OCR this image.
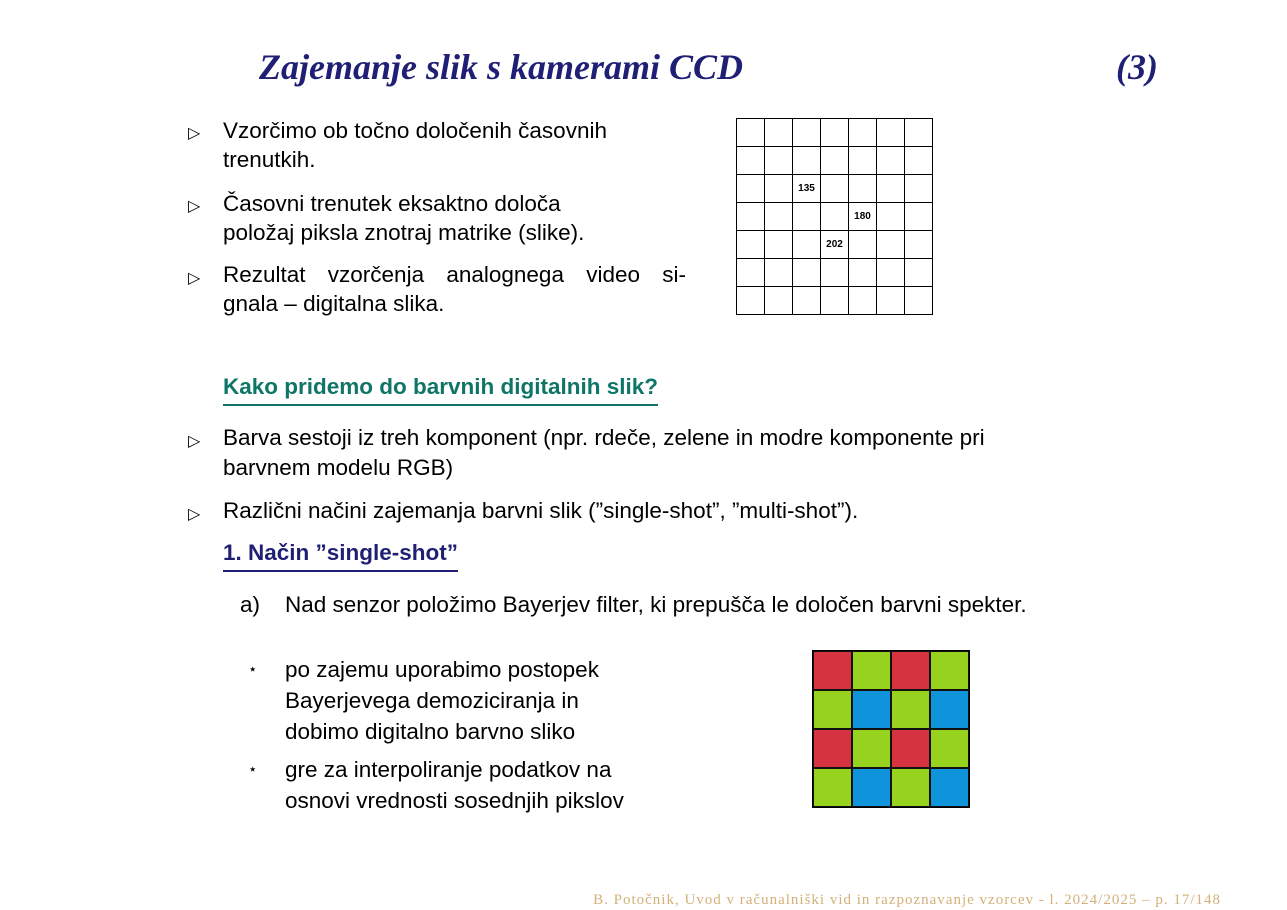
Zajemanje slik s kamerami CCD	(3)
▷ Vzorčimo ob točno določenih časovnih
trenutkih.
▷ Časovni trenutek eksaktno določa
položaj piksla znotraj matrike (slike).
▷ Rezultat vzorčenja analognega video si-
gnala – digitalna slika.

		135				
				180		
			202			

Kako pridemo do barvnih digitalnih slik?
▷ Barva sestoji iz treh komponent (npr. rdeče, zelene in modre komponente pri
barvnem modelu RGB)
▷ Različni načini zajemanja barvni slik (”single-shot”, ”multi-shot”).
1. Način ”single-shot”
a) Nad senzor položimo Bayerjev filter, ki prepušča le določen barvni spekter.
⋆ po zajemu uporabimo postopek
Bayerjevega demoziciranja in
dobimo digitalno barvno sliko
⋆ gre za interpoliranje podatkov na
osnovi vrednosti sosednjih pikslov
B. Potočnik, Uvod v računalniški vid in razpoznavanje vzorcev - l. 2024/2025 – p. 17/148
